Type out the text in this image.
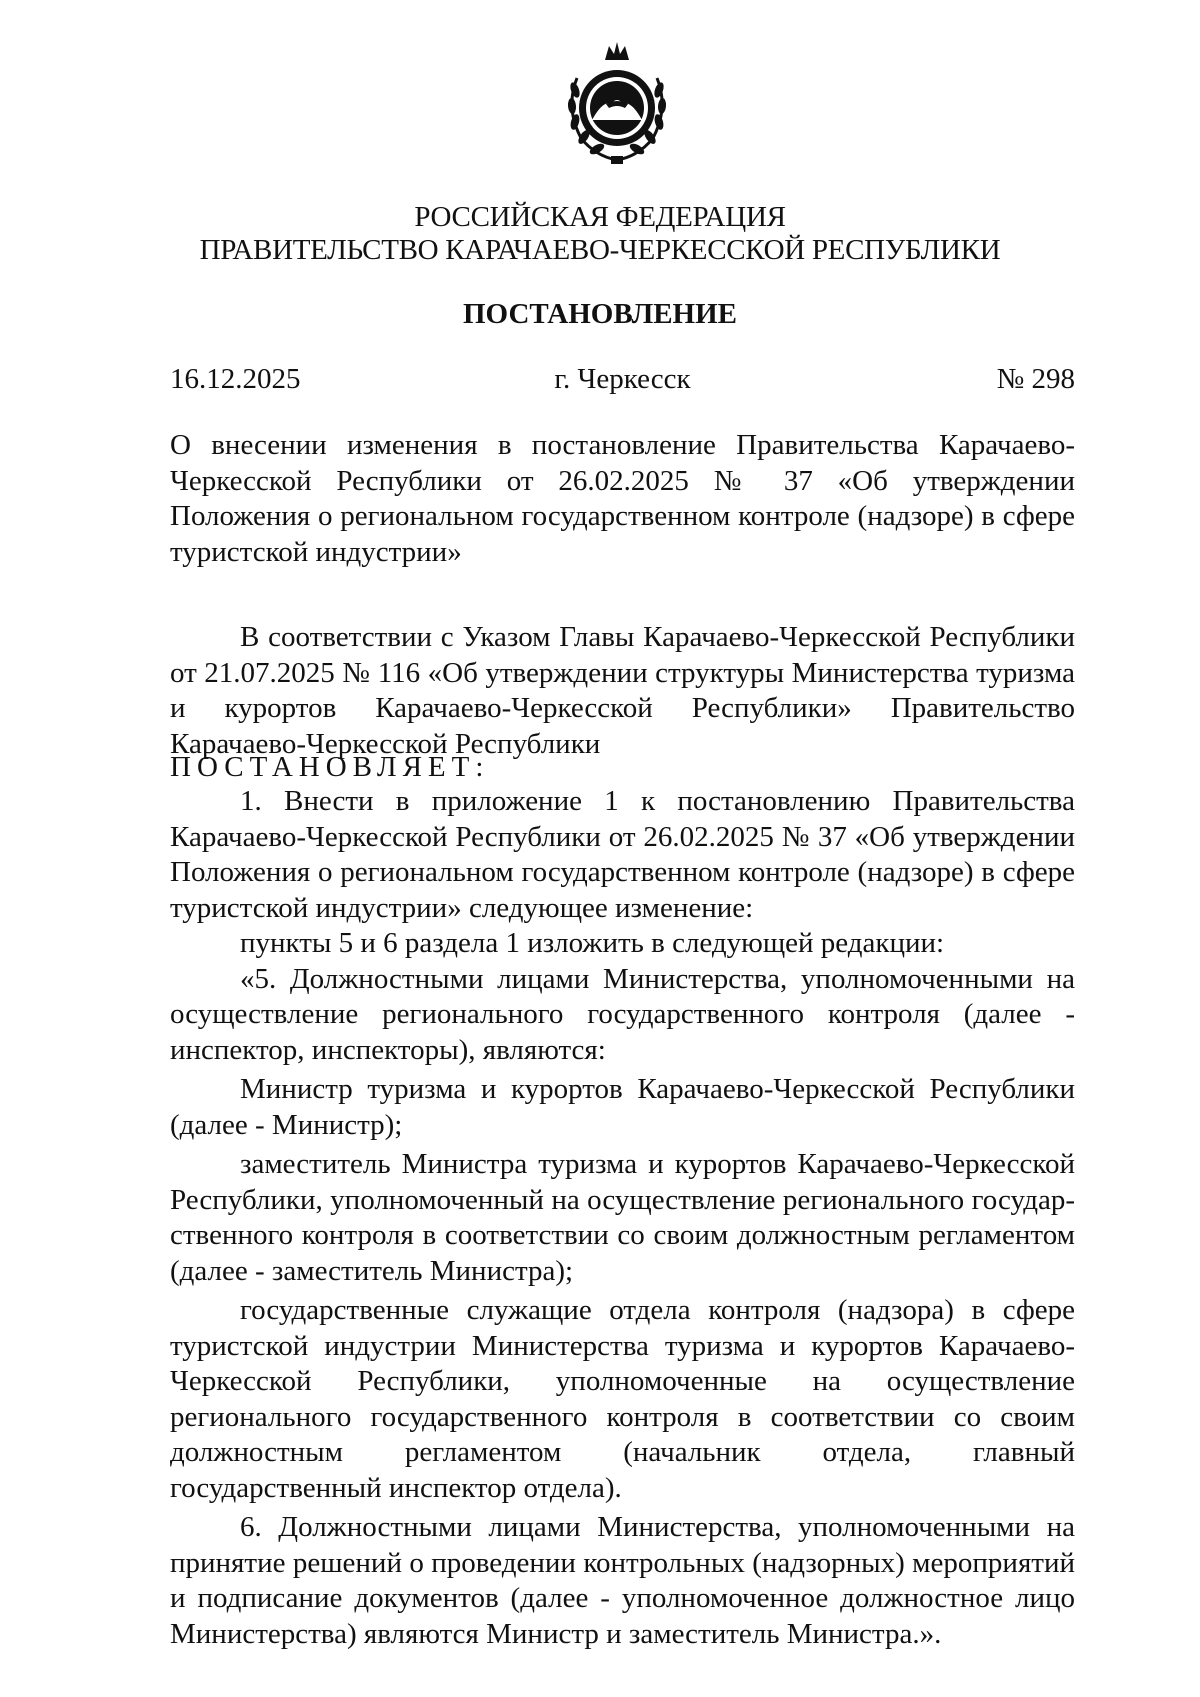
РОССИЙСКАЯ ФЕДЕРАЦИЯ
ПРАВИТЕЛЬСТВО КАРАЧАЕВО-ЧЕРКЕССКОЙ РЕСПУБЛИКИ
ПОСТАНОВЛЕНИЕ
г. Черкесск
16.12.2025	№ 298
О внесении изменения в постановление Правительства Карачаево-Черкесской Республики от 26.02.2025 № 37 «Об утверждении Положения о региональном государственном контроле (надзоре) в сфере туристской индустрии»

В соответствии с Указом Главы Карачаево-Черкесской Республики от 21.07.2025 № 116 «Об утверждении структуры Министерства туризма и курортов Карачаево-Черкесской Республики» Правительство Карачаево-Черкесской Республики

ПОСТАНОВЛЯЕТ:

1. Внести в приложение 1 к постановлению Правительства Карачаево-Черкесской Республики от 26.02.2025 № 37 «Об утверждении Положения о региональном государственном контроле (надзоре) в сфере туристской индустрии» следующее изменение:

пункты 5 и 6 раздела 1 изложить в следующей редакции:

«5. Должностными лицами Министерства, уполномоченными на осуществление регионального государственного контроля (далее - инспектор, инспекторы), являются:

Министр туризма и курортов Карачаево-Черкесской Республики (далее - Министр);

заместитель Министра туризма и курортов Карачаево-Черкесской Республики, уполномоченный на осуществление регионального государственного контроля в соответствии со своим должностным регламентом (далее - заместитель Министра);

государственные служащие отдела контроля (надзора) в сфере туристской индустрии Министерства туризма и курортов Карачаево-Черкесской Республики, уполномоченные на осуществление регионального государственного контроля в соответствии со своим должностным регламентом (начальник отдела, главный государственный инспектор отдела).

6. Должностными лицами Министерства, уполномоченными на принятие решений о проведении контрольных (надзорных) мероприятий и подписание документов (далее - уполномоченное должностное лицо Министерства) являются Министр и заместитель Министра.».
